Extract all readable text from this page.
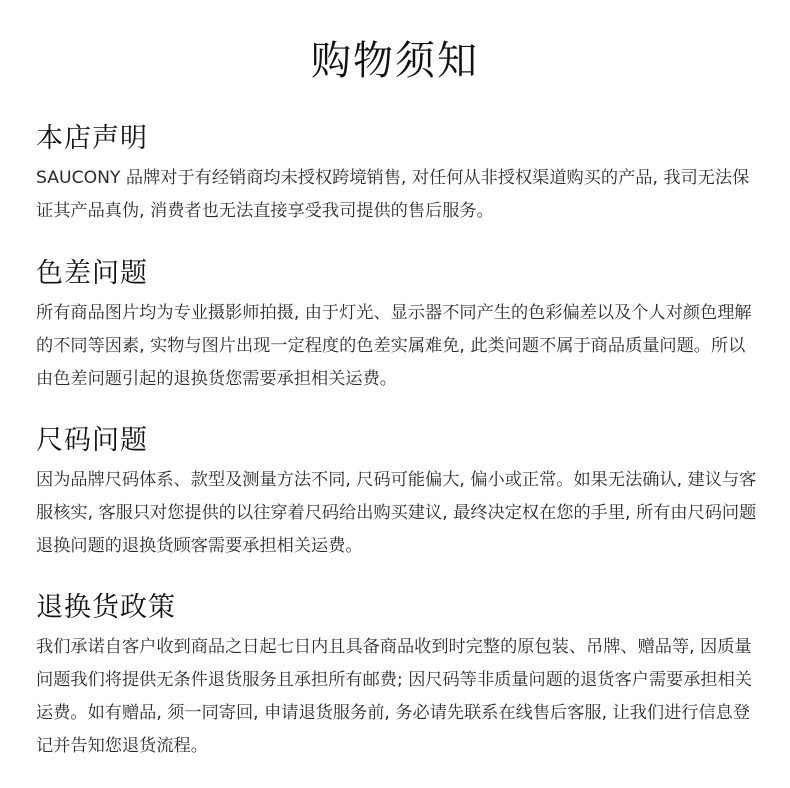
购物须知
本店声明

SAUCONY 品牌对于有经销商均未授权跨境销售, 对任何从非授权渠道购买的产品, 我司无法保证其产品真伪, 消费者也无法直接享受我司提供的售后服务。

色差问题

所有商品图片均为专业摄影师拍摄, 由于灯光、显示器不同产生的色彩偏差以及个人对颜色理解的不同等因素, 实物与图片出现一定程度的色差实属难免, 此类问题不属于商品质量问题。所以由色差问题引起的退换货您需要承担相关运费。

尺码问题

因为品牌尺码体系、款型及测量方法不同, 尺码可能偏大, 偏小或正常。如果无法确认, 建议与客服核实, 客服只对您提供的以往穿着尺码给出购买建议, 最终决定权在您的手里, 所有由尺码问题退换问题的退换货顾客需要承担相关运费。

退换货政策

我们承诺自客户收到商品之日起七日内且具备商品收到时完整的原包装、吊牌、赠品等, 因质量问题我们将提供无条件退货服务且承担所有邮费; 因尺码等非质量问题的退货客户需要承担相关运费。如有赠品, 须一同寄回, 申请退货服务前, 务必请先联系在线售后客服, 让我们进行信息登记并告知您退货流程。
